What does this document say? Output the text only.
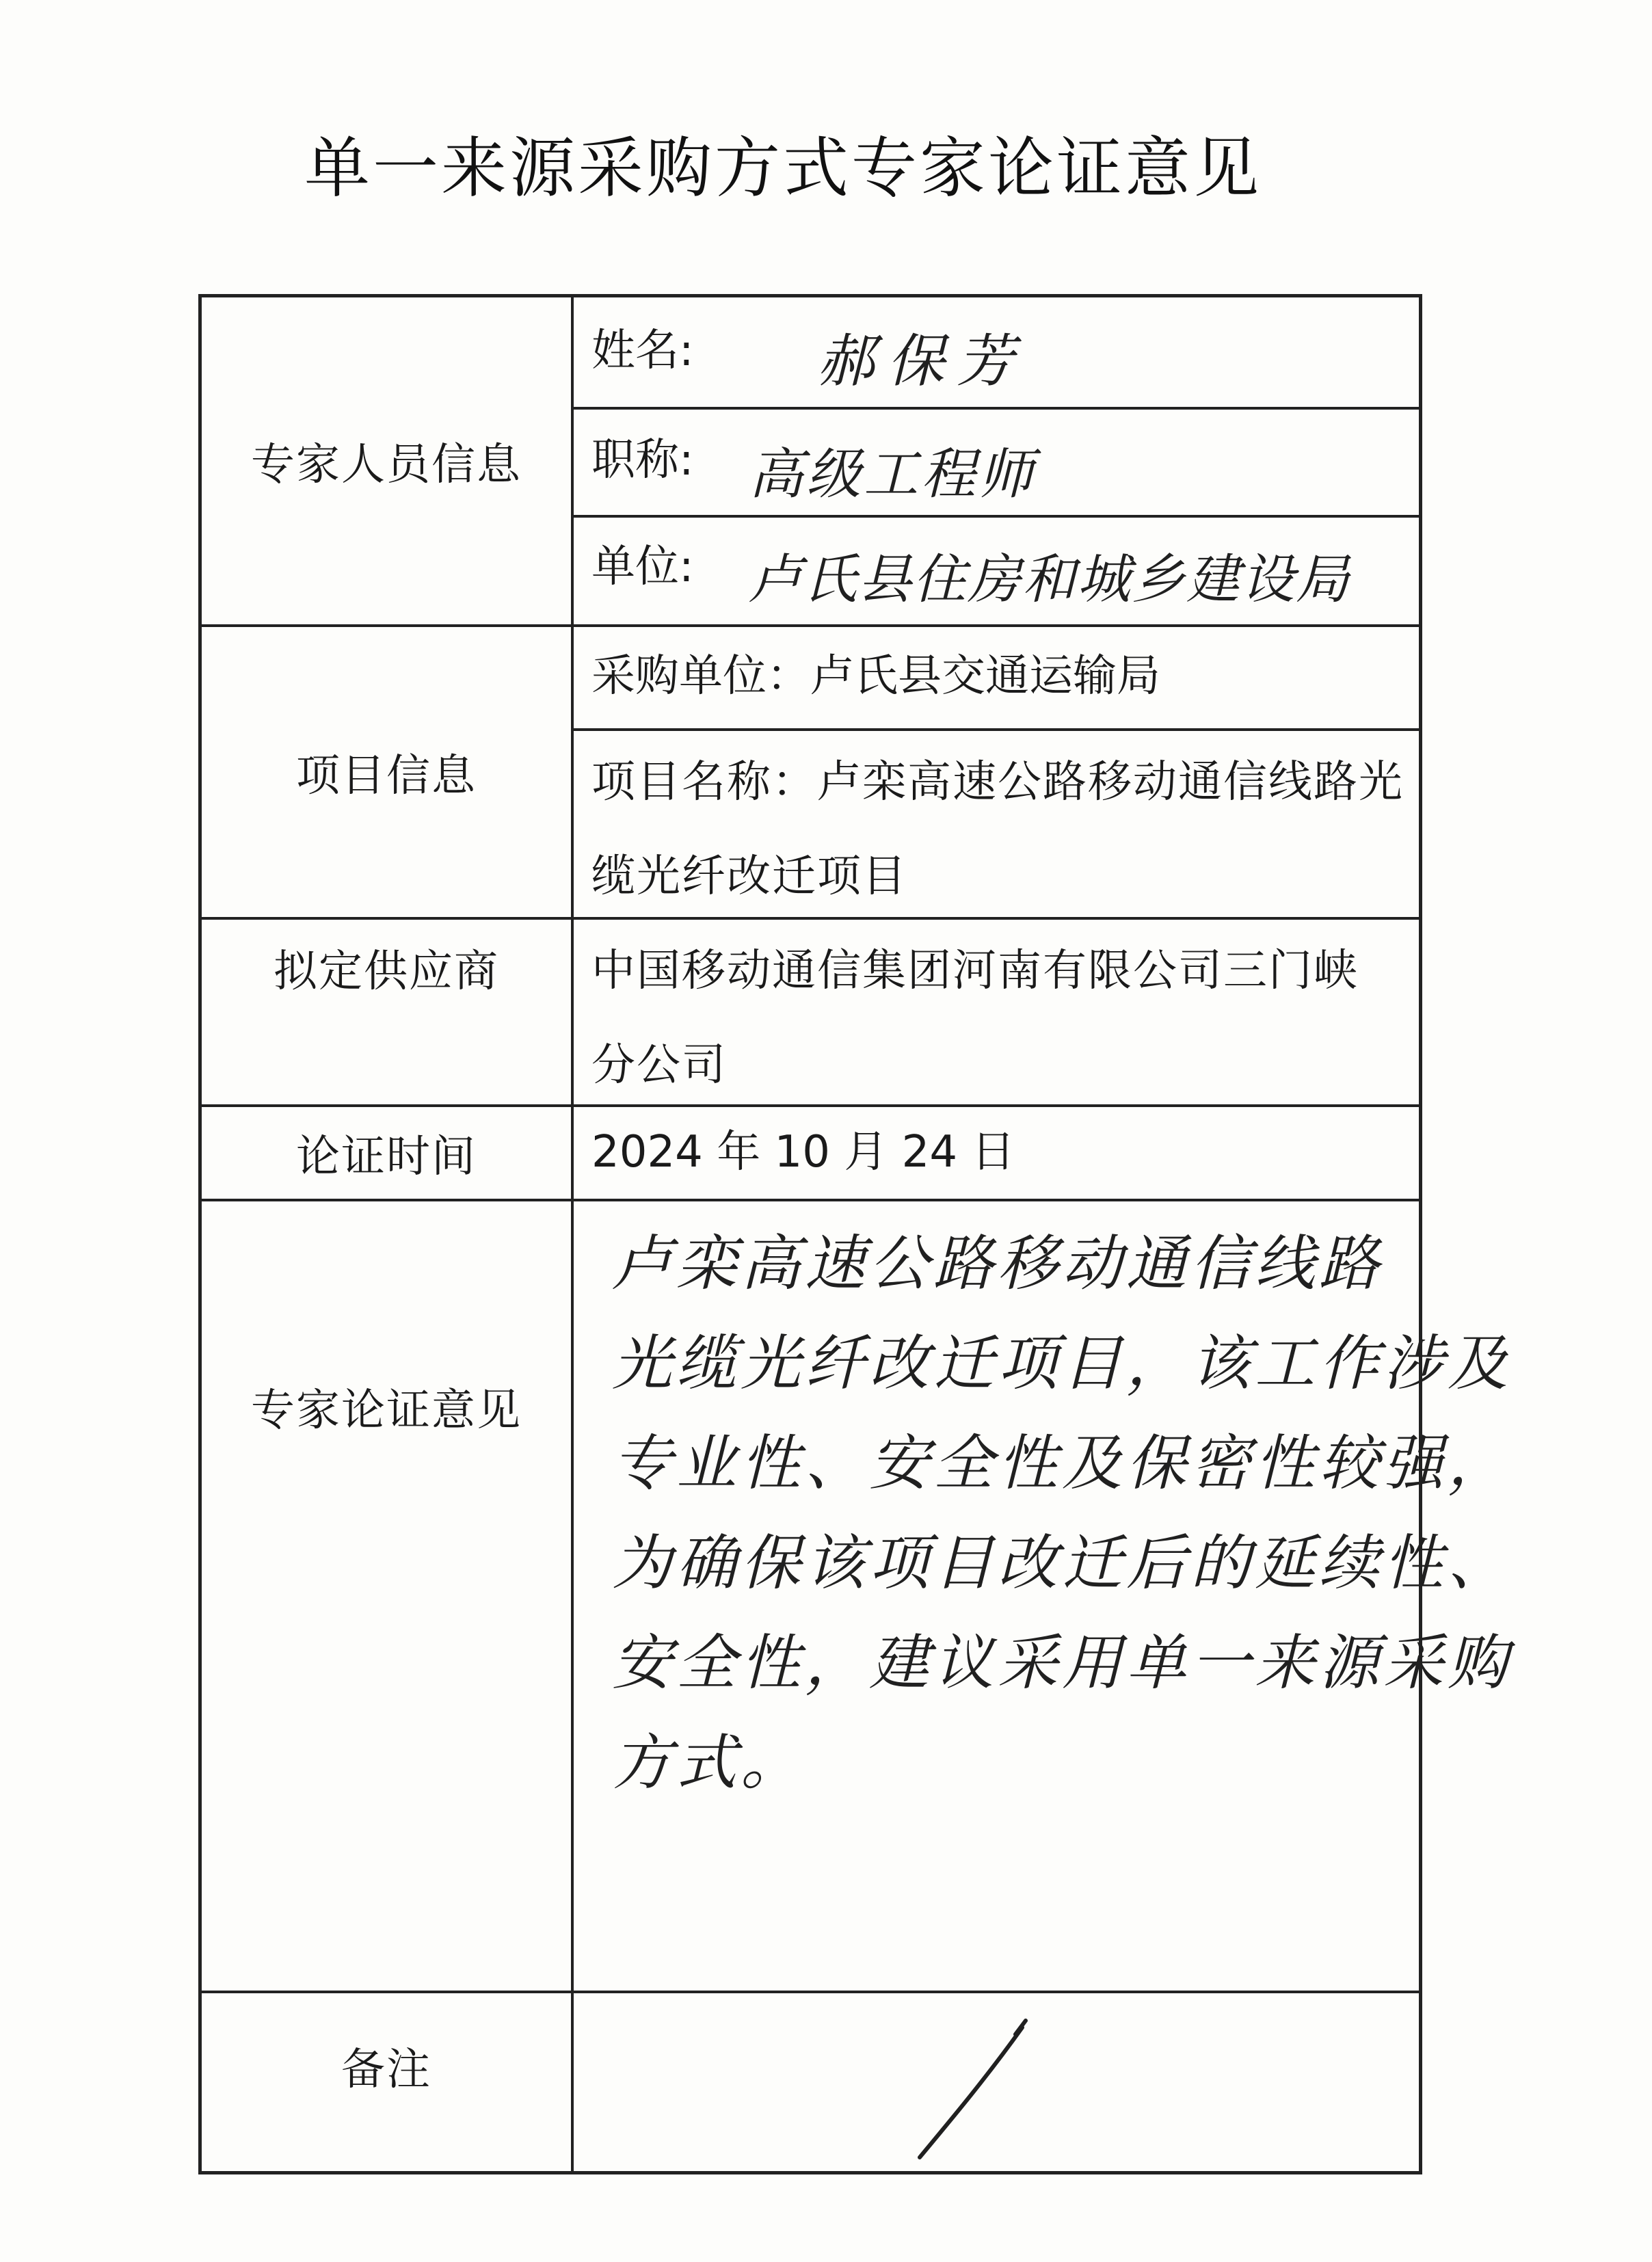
单一来源采购方式专家论证意见
专家人员信息
姓名: 郝保芳
职称: 高级工程师
单位: 卢氏县住房和城乡建设局
项目信息
采购单位：卢氏县交通运输局
项目名称：卢栾高速公路移动通信线路光
缆光纤改迁项目
拟定供应商	中国移动通信集团河南有限公司三门峡
分公司
论证时间	2024 年 10 月 24 日
专家论证意见
卢栾高速公路移动通信线路
光缆光纤改迁项目，该工作涉及
专业性、安全性及保密性较强，
为确保该项目改迁后的延续性、
安全性，建议采用单一来源采购
方式。
备注
